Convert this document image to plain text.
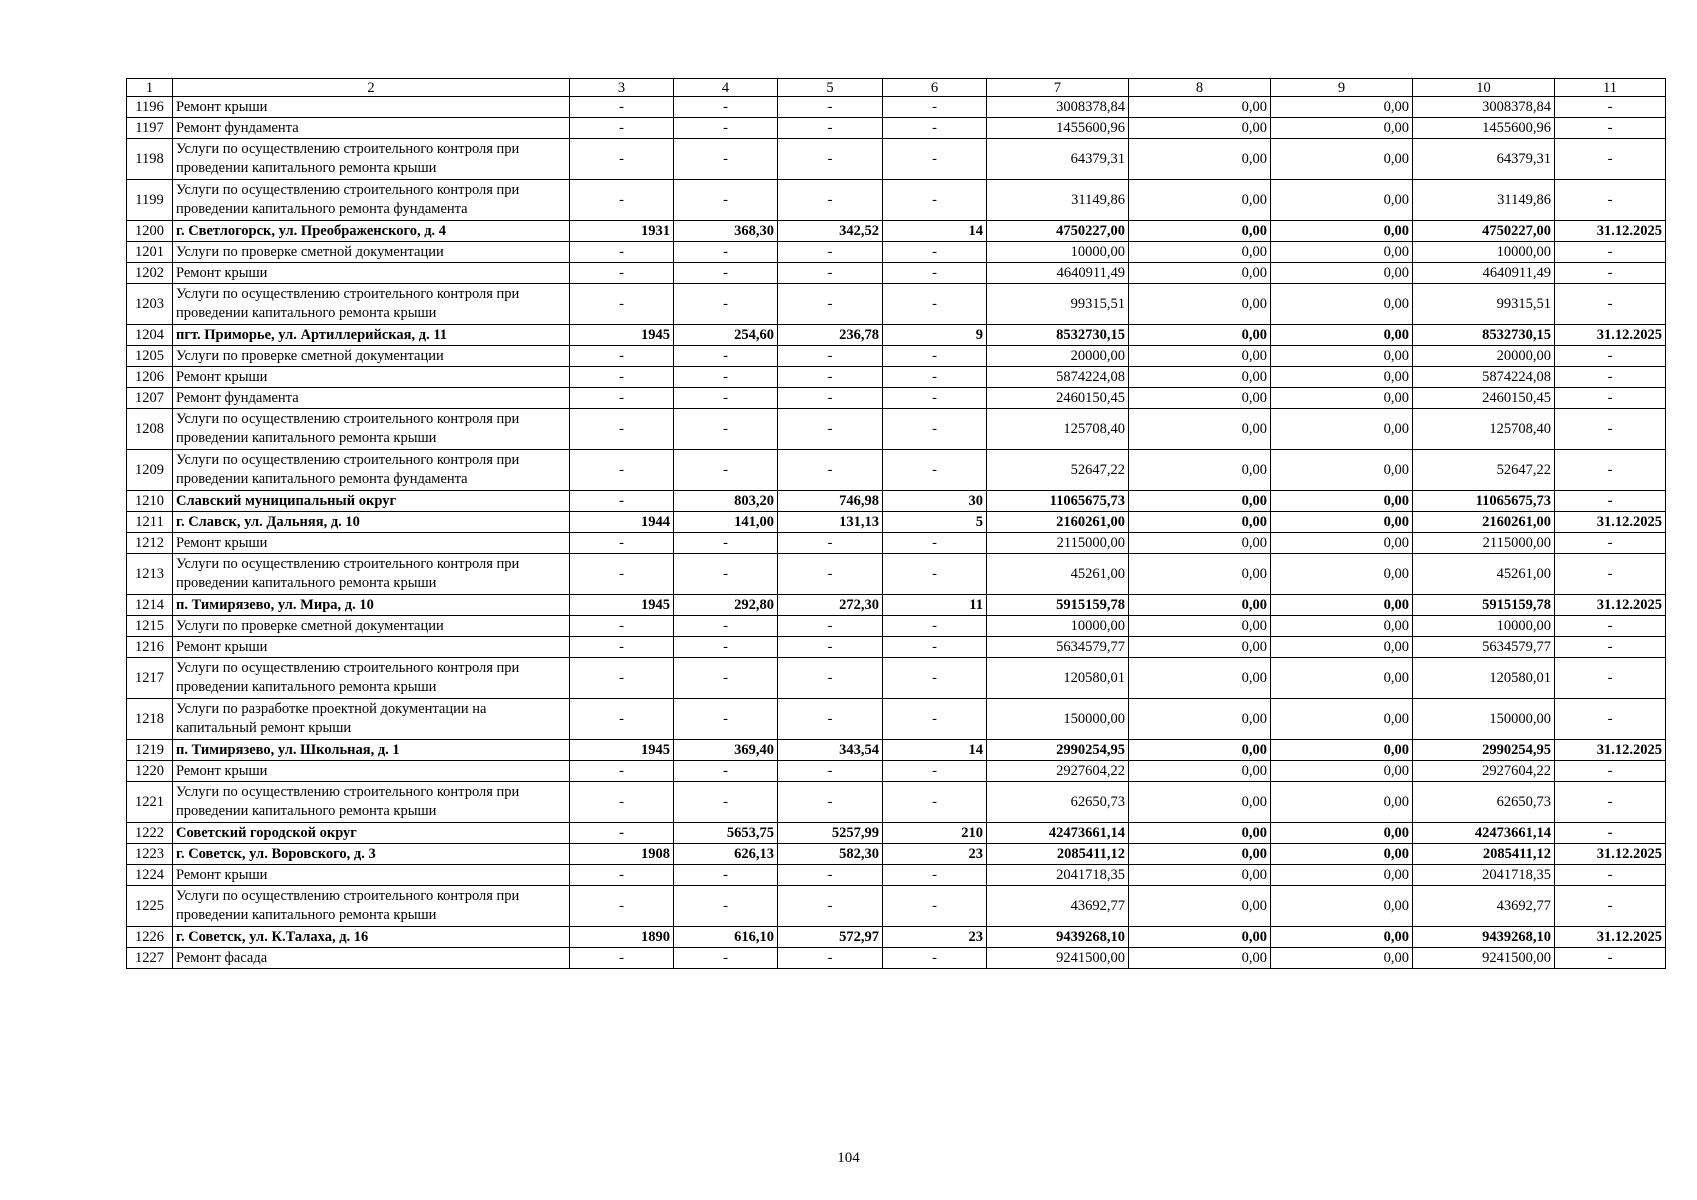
1	2	3	4	5	6	7	8	9	10	11
1196	Ремонт крыши	-	-	-	-	3008378,84	0,00	0,00	3008378,84	-
1197	Ремонт фундамента	-	-	-	-	1455600,96	0,00	0,00	1455600,96	-
1198	Услуги по осуществлению строительного контроля при проведении капитального ремонта крыши	-	-	-	-	64379,31	0,00	0,00	64379,31	-
1199	Услуги по осуществлению строительного контроля при проведении капитального ремонта фундамента	-	-	-	-	31149,86	0,00	0,00	31149,86	-
1200	г. Светлогорск, ул. Преображенского, д. 4	1931	368,30	342,52	14	4750227,00	0,00	0,00	4750227,00	31.12.2025
1201	Услуги по проверке сметной документации	-	-	-	-	10000,00	0,00	0,00	10000,00	-
1202	Ремонт крыши	-	-	-	-	4640911,49	0,00	0,00	4640911,49	-
1203	Услуги по осуществлению строительного контроля при проведении капитального ремонта крыши	-	-	-	-	99315,51	0,00	0,00	99315,51	-
1204	пгт. Приморье, ул. Артиллерийская, д. 11	1945	254,60	236,78	9	8532730,15	0,00	0,00	8532730,15	31.12.2025
1205	Услуги по проверке сметной документации	-	-	-	-	20000,00	0,00	0,00	20000,00	-
1206	Ремонт крыши	-	-	-	-	5874224,08	0,00	0,00	5874224,08	-
1207	Ремонт фундамента	-	-	-	-	2460150,45	0,00	0,00	2460150,45	-
1208	Услуги по осуществлению строительного контроля при проведении капитального ремонта крыши	-	-	-	-	125708,40	0,00	0,00	125708,40	-
1209	Услуги по осуществлению строительного контроля при проведении капитального ремонта фундамента	-	-	-	-	52647,22	0,00	0,00	52647,22	-
1210	Славский муниципальный округ	-	803,20	746,98	30	11065675,73	0,00	0,00	11065675,73	-
1211	г. Славск, ул. Дальняя, д. 10	1944	141,00	131,13	5	2160261,00	0,00	0,00	2160261,00	31.12.2025
1212	Ремонт крыши	-	-	-	-	2115000,00	0,00	0,00	2115000,00	-
1213	Услуги по осуществлению строительного контроля при проведении капитального ремонта крыши	-	-	-	-	45261,00	0,00	0,00	45261,00	-
1214	п. Тимирязево, ул. Мира, д. 10	1945	292,80	272,30	11	5915159,78	0,00	0,00	5915159,78	31.12.2025
1215	Услуги по проверке сметной документации	-	-	-	-	10000,00	0,00	0,00	10000,00	-
1216	Ремонт крыши	-	-	-	-	5634579,77	0,00	0,00	5634579,77	-
1217	Услуги по осуществлению строительного контроля при проведении капитального ремонта крыши	-	-	-	-	120580,01	0,00	0,00	120580,01	-
1218	Услуги по разработке проектной документации на капитальный ремонт крыши	-	-	-	-	150000,00	0,00	0,00	150000,00	-
1219	п. Тимирязево, ул. Школьная, д. 1	1945	369,40	343,54	14	2990254,95	0,00	0,00	2990254,95	31.12.2025
1220	Ремонт крыши	-	-	-	-	2927604,22	0,00	0,00	2927604,22	-
1221	Услуги по осуществлению строительного контроля при проведении капитального ремонта крыши	-	-	-	-	62650,73	0,00	0,00	62650,73	-
1222	Советский городской округ	-	5653,75	5257,99	210	42473661,14	0,00	0,00	42473661,14	-
1223	г. Советск, ул. Воровского, д. 3	1908	626,13	582,30	23	2085411,12	0,00	0,00	2085411,12	31.12.2025
1224	Ремонт крыши	-	-	-	-	2041718,35	0,00	0,00	2041718,35	-
1225	Услуги по осуществлению строительного контроля при проведении капитального ремонта крыши	-	-	-	-	43692,77	0,00	0,00	43692,77	-
1226	г. Советск, ул. К.Талаха, д. 16	1890	616,10	572,97	23	9439268,10	0,00	0,00	9439268,10	31.12.2025
1227	Ремонт фасада	-	-	-	-	9241500,00	0,00	0,00	9241500,00	-
104
